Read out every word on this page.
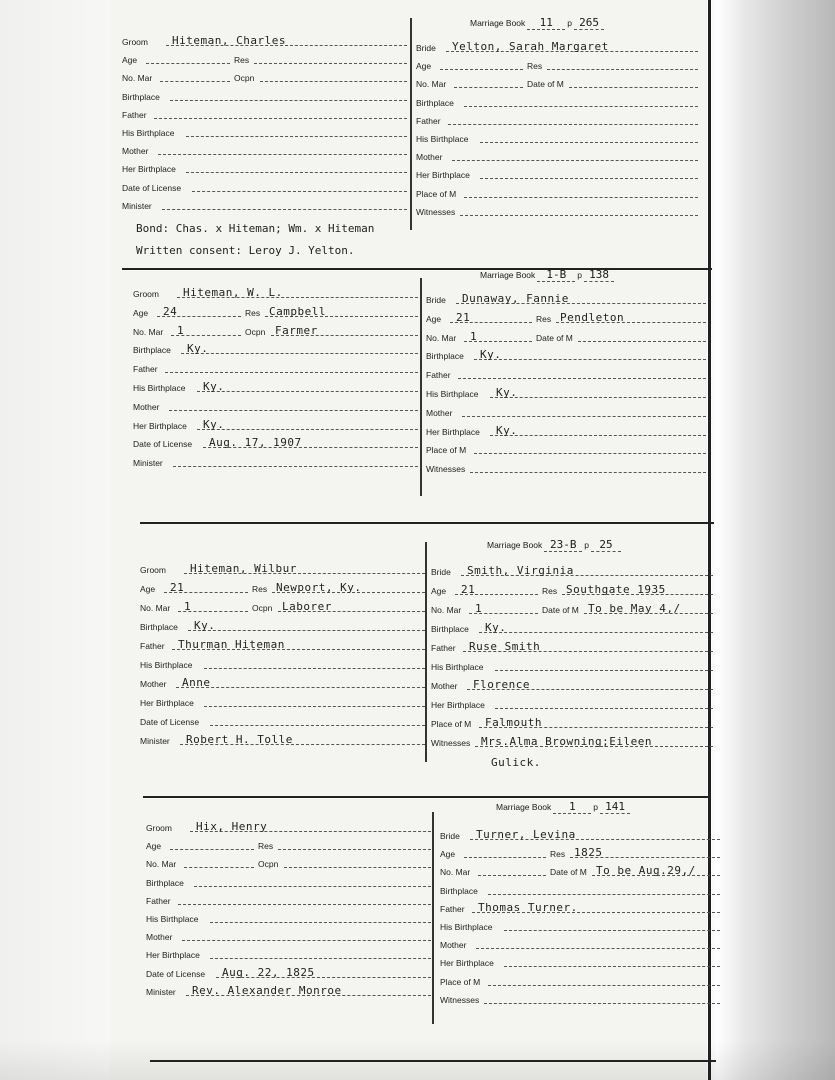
Marriage Book 11 p 265
Groom Hiteman, Charles
Age	Res
No. Mar	Ocpn
Birthplace
Father
His Birthplace
Mother
Her Birthplace
Date of License
Minister
Bride Yelton, Sarah Margaret
Age	Res
No. Mar	Date of M
Birthplace
Father
His Birthplace
Mother
Her Birthplace
Place of M
Witnesses
Bond: Chas. x Hiteman; Wm. x Hiteman
Written consent: Leroy J. Yelton.
Marriage Book 1-B p 138
Groom Hiteman, W. L.
Age 24	Res Campbell
No. Mar 1	Ocpn Farmer
Birthplace Ky.
Father
His Birthplace Ky.
Mother
Her Birthplace Ky.
Date of License Aug. 17, 1907
Minister
Bride Dunaway, Fannie
Age 21	Res Pendleton
No. Mar 1	Date of M
Birthplace Ky.
Father
His Birthplace Ky.
Mother
Her Birthplace Ky.
Place of M
Witnesses
Marriage Book 23-B p 25
Groom Hiteman, Wilbur
Age 21	Res Newport, Ky.
No. Mar 1	Ocpn Laborer
Birthplace Ky.
Father Thurman Hiteman
His Birthplace
Mother Anne
Her Birthplace
Date of License
Minister Robert H. Tolle
Bride Smith, Virginia
Age 21	Res Southgate 1935
No. Mar 1	Date of M To be May 4,/
Birthplace Ky.
Father Ruse Smith
His Birthplace
Mother Florence
Her Birthplace
Place of M Falmouth
Witnesses Mrs.Alma Browning;Eileen
Gulick.
Marriage Book 1 p 141
Groom Hix, Henry
Age	Res
No. Mar	Ocpn
Birthplace
Father
His Birthplace
Mother
Her Birthplace
Date of License Aug. 22, 1825
Minister Rev. Alexander Monroe
Bride Turner, Levina
Age	Res 1825
No. Mar	Date of M To be Aug.29,/
Birthplace
Father Thomas Turner.
His Birthplace
Mother
Her Birthplace
Place of M
Witnesses
